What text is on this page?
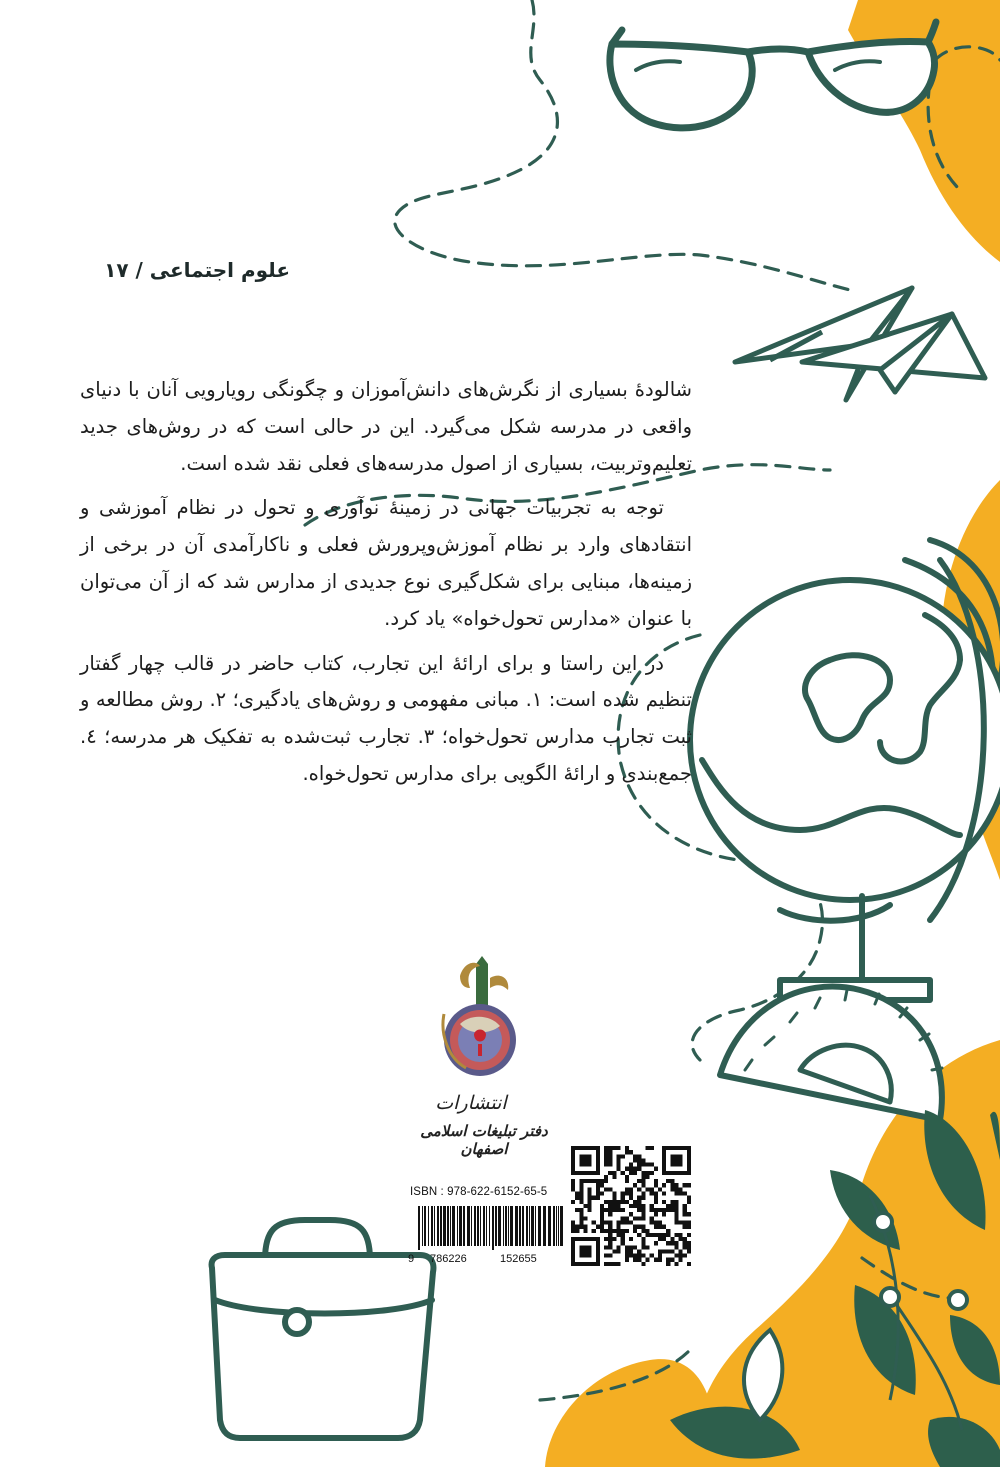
علوم اجتماعی / ۱۷

شالودهٔ بسیاری از نگرش‌های دانش‌آموزان و چگونگی رویارویی آنان با دنیای واقعی در مدرسه شکل می‌گیرد. این در حالی است که در روش‌های جدید تعلیم‌وتربیت، بسیاری از اصول مدرسه‌های فعلی نقد شده است.

توجه به تجربیات جهانی در زمینهٔ نوآوری و تحول در نظام آموزشی و انتقادهای وارد بر نظام آموزش‌وپرورش فعلی و ناکارآمدی آن در برخی از زمینه‌ها، مبنایی برای شکل‌گیری نوع جدیدی از مدارس شد که از آن می‌توان با عنوان «مدارس تحول‌خواه» یاد کرد.

در این راستا و برای ارائهٔ این تجارب، کتاب حاضر در قالب چهار گفتار تنظیم شده است: ۱. مبانی مفهومی و روش‌های یادگیری؛ ۲. روش مطالعه و ثبت تجارب مدارس تحول‌خواه؛ ۳. تجارب ثبت‌شده به تفکیک هر مدرسه؛ ٤. جمع‌بندی و ارائهٔ الگویی برای مدارس تحول‌خواه.

انتشارات
دفتر تبلیغات اسلامی اصفهان
ISBN : 978-622-6152-65-5
9 786226	152655
